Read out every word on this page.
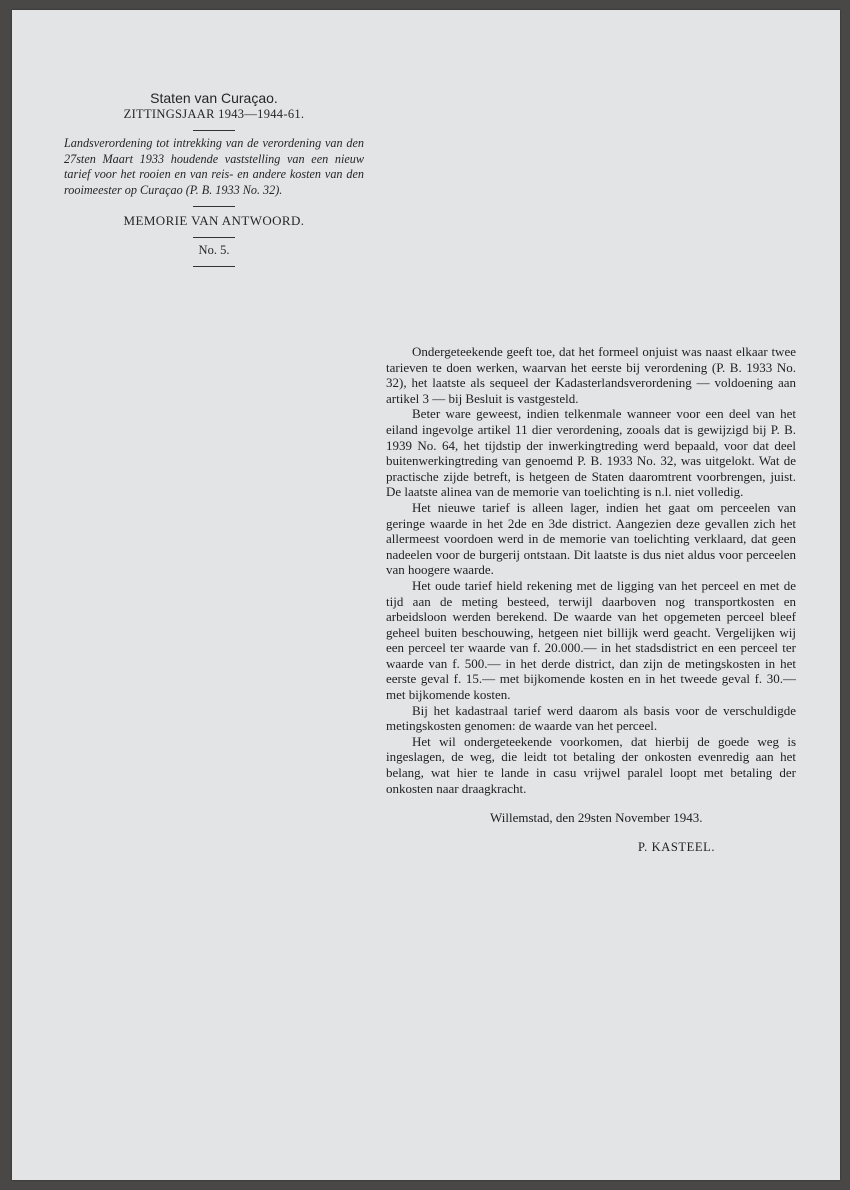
Staten van Curaçao.
ZITTINGSJAAR 1943—1944-61.

Landsverordening tot intrekking van de verordening van den 27sten Maart 1933 houdende vaststelling van een nieuw tarief voor het rooien en van reis- en andere kosten van den rooimeester op Curaçao (P. B. 1933 No. 32).

MEMORIE VAN ANTWOORD.
No. 5.

Ondergeteekende geeft toe, dat het formeel onjuist was naast elkaar twee tarieven te doen werken, waarvan het eerste bij verordening (P. B. 1933 No. 32), het laatste als sequeel der Kadasterlandsverordening — voldoening aan artikel 3 — bij Besluit is vastgesteld.

Beter ware geweest, indien telkenmale wanneer voor een deel van het eiland ingevolge artikel 11 dier verordening, zooals dat is gewijzigd bij P. B. 1939 No. 64, het tijdstip der inwerkingtreding werd bepaald, voor dat deel buitenwerkingtreding van genoemd P. B. 1933 No. 32, was uitgelokt. Wat de practische zijde betreft, is hetgeen de Staten daaromtrent voorbrengen, juist. De laatste alinea van de memorie van toelichting is n.l. niet volledig.

Het nieuwe tarief is alleen lager, indien het gaat om perceelen van geringe waarde in het 2de en 3de district. Aangezien deze gevallen zich het allermeest voordoen werd in de memorie van toelichting verklaard, dat geen nadeelen voor de burgerij ontstaan. Dit laatste is dus niet aldus voor perceelen van hoogere waarde.

Het oude tarief hield rekening met de ligging van het perceel en met de tijd aan de meting besteed, terwijl daarboven nog transportkosten en arbeidsloon werden berekend. De waarde van het opgemeten perceel bleef geheel buiten beschouwing, hetgeen niet billijk werd geacht. Vergelijken wij een perceel ter waarde van f. 20.000.— in het stadsdistrict en een perceel ter waarde van f. 500.— in het derde district, dan zijn de metingskosten in het eerste geval f. 15.— met bijkomende kosten en in het tweede geval f. 30.— met bijkomende kosten.

Bij het kadastraal tarief werd daarom als basis voor de verschuldigde metingskosten genomen: de waarde van het perceel.

Het wil ondergeteekende voorkomen, dat hierbij de goede weg is ingeslagen, de weg, die leidt tot betaling der onkosten evenredig aan het belang, wat hier te lande in casu vrijwel paralel loopt met betaling der onkosten naar draagkracht.

Willemstad, den 29sten November 1943.
P. KASTEEL.
